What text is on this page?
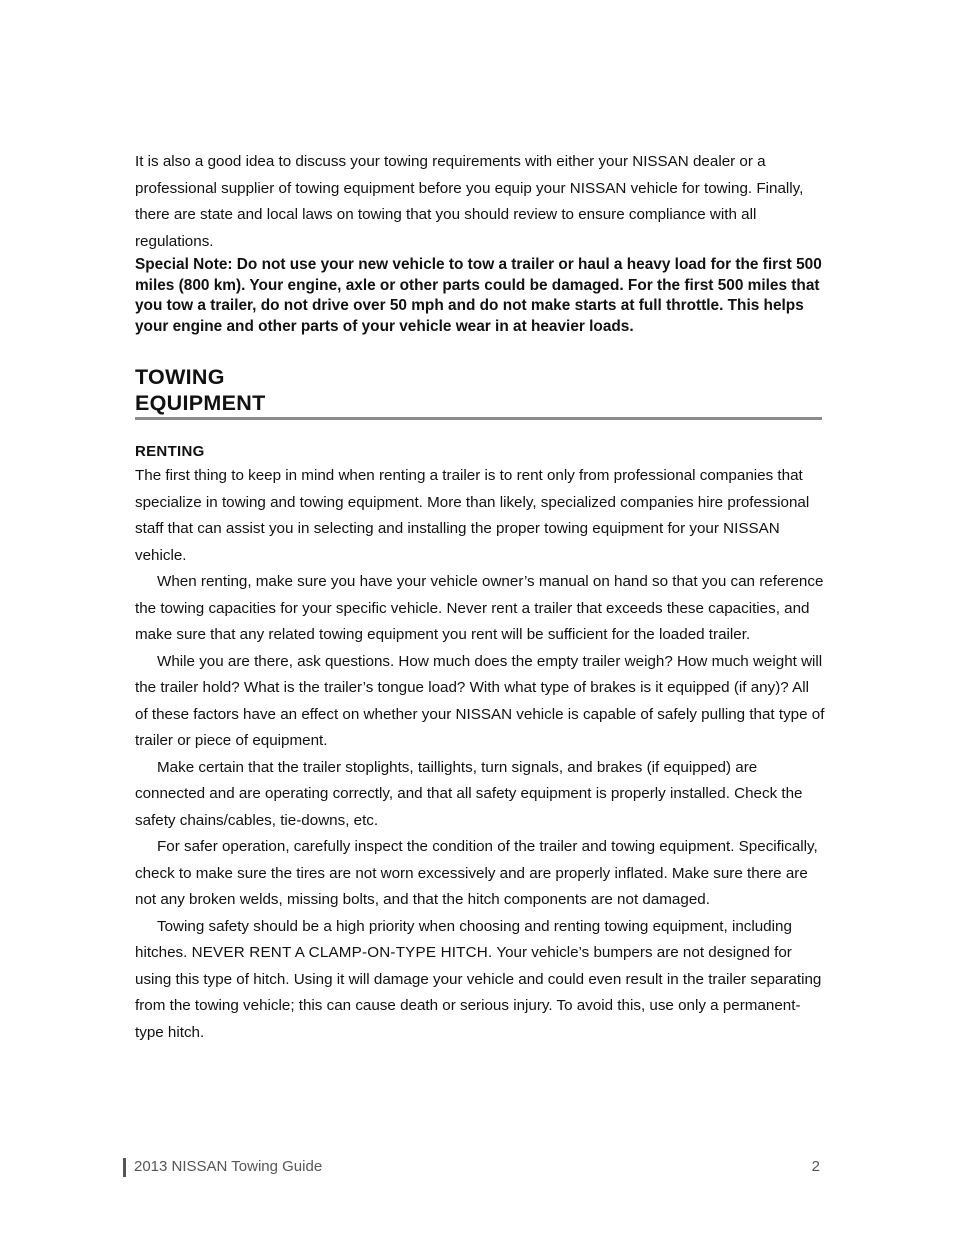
It is also a good idea to discuss your towing requirements with either your NISSAN dealer or a professional supplier of towing equipment before you equip your NISSAN vehicle for towing. Finally, there are state and local laws on towing that you should review to ensure compliance with all regulations.

Special Note: Do not use your new vehicle to tow a trailer or haul a heavy load for the first 500 miles (800 km). Your engine, axle or other parts could be damaged. For the first 500 miles that you tow a trailer, do not drive over 50 mph and do not make starts at full throttle. This helps your engine and other parts of your vehicle wear in at heavier loads.

TOWING
EQUIPMENT
RENTING

The first thing to keep in mind when renting a trailer is to rent only from professional companies that specialize in towing and towing equipment. More than likely, specialized companies hire professional staff that can assist you in selecting and installing the proper towing equipment for your NISSAN vehicle.

When renting, make sure you have your vehicle owner’s manual on hand so that you can reference the towing capacities for your specific vehicle. Never rent a trailer that exceeds these capacities, and make sure that any related towing equipment you rent will be sufficient for the loaded trailer.

While you are there, ask questions. How much does the empty trailer weigh? How much weight will the trailer hold? What is the trailer’s tongue load? With what type of brakes is it equipped (if any)? All of these factors have an effect on whether your NISSAN vehicle is capable of safely pulling that type of trailer or piece of equipment.

Make certain that the trailer stoplights, taillights, turn signals, and brakes (if equipped) are connected and are operating correctly, and that all safety equipment is properly installed. Check the safety chains/cables, tie-downs, etc.

For safer operation, carefully inspect the condition of the trailer and towing equipment. Specifically, check to make sure the tires are not worn excessively and are properly inflated. Make sure there are not any broken welds, missing bolts, and that the hitch components are not damaged.

Towing safety should be a high priority when choosing and renting towing equipment, including hitches. NEVER RENT A CLAMP-ON-TYPE HITCH. Your vehicle’s bumpers are not designed for using this type of hitch. Using it will damage your vehicle and could even result in the trailer separating from the towing vehicle; this can cause death or serious injury. To avoid this, use only a permanent-type hitch.

2013 NISSAN Towing Guide	2
